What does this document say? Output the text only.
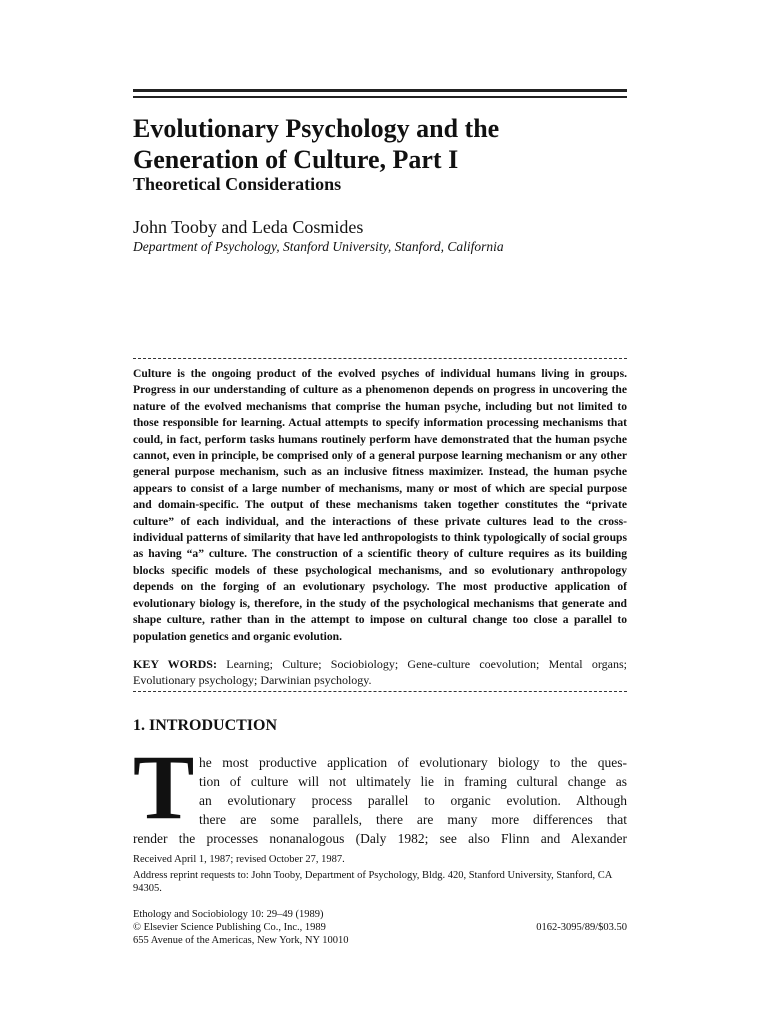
Evolutionary Psychology and the
Generation of Culture, Part I
Theoretical Considerations
John Tooby and Leda Cosmides
Department of Psychology, Stanford University, Stanford, California

Culture is the ongoing product of the evolved psyches of individual humans living in groups. Progress in our understanding of culture as a phenomenon depends on progress in uncovering the nature of the evolved mechanisms that comprise the human psyche, including but not limited to those responsible for learning. Actual attempts to specify information processing mechanisms that could, in fact, perform tasks humans routinely perform have demonstrated that the human psyche cannot, even in principle, be comprised only of a general purpose learning mechanism or any other general purpose mechanism, such as an inclusive fitness maximizer. Instead, the human psyche appears to consist of a large number of mechanisms, many or most of which are special purpose and domain-specific. The output of these mechanisms taken together constitutes the “private culture” of each individual, and the interactions of these private cultures lead to the cross-individual patterns of similarity that have led anthropologists to think typologically of social groups as having “a” culture. The construction of a scientific theory of culture requires as its building blocks specific models of these psychological mechanisms, and so evolutionary anthropology depends on the forging of an evolutionary psychology. The most productive application of evolutionary biology is, therefore, in the study of the psychological mechanisms that generate and shape culture, rather than in the attempt to impose on cultural change too close a parallel to population genetics and organic evolution.

KEY WORDS: Learning; Culture; Sociobiology; Gene-culture coevolution; Mental organs; Evolutionary psychology; Darwinian psychology.
1. INTRODUCTION
T he most productive application of evolutionary biology to the ques-
tion of culture will not ultimately lie in framing cultural change as
an evolutionary process parallel to organic evolution. Although
there are some parallels, there are many more differences that
render the processes nonanalogous (Daly 1982; see also Flinn and Alexander
Received April 1, 1987; revised October 27, 1987.
Address reprint requests to: John Tooby, Department of Psychology, Bldg. 420, Stanford University, Stanford, CA 94305.
Ethology and Sociobiology 10: 29–49 (1989)
© Elsevier Science Publishing Co., Inc., 1989
655 Avenue of the Americas, New York, NY 10010
0162-3095/89/$03.50
